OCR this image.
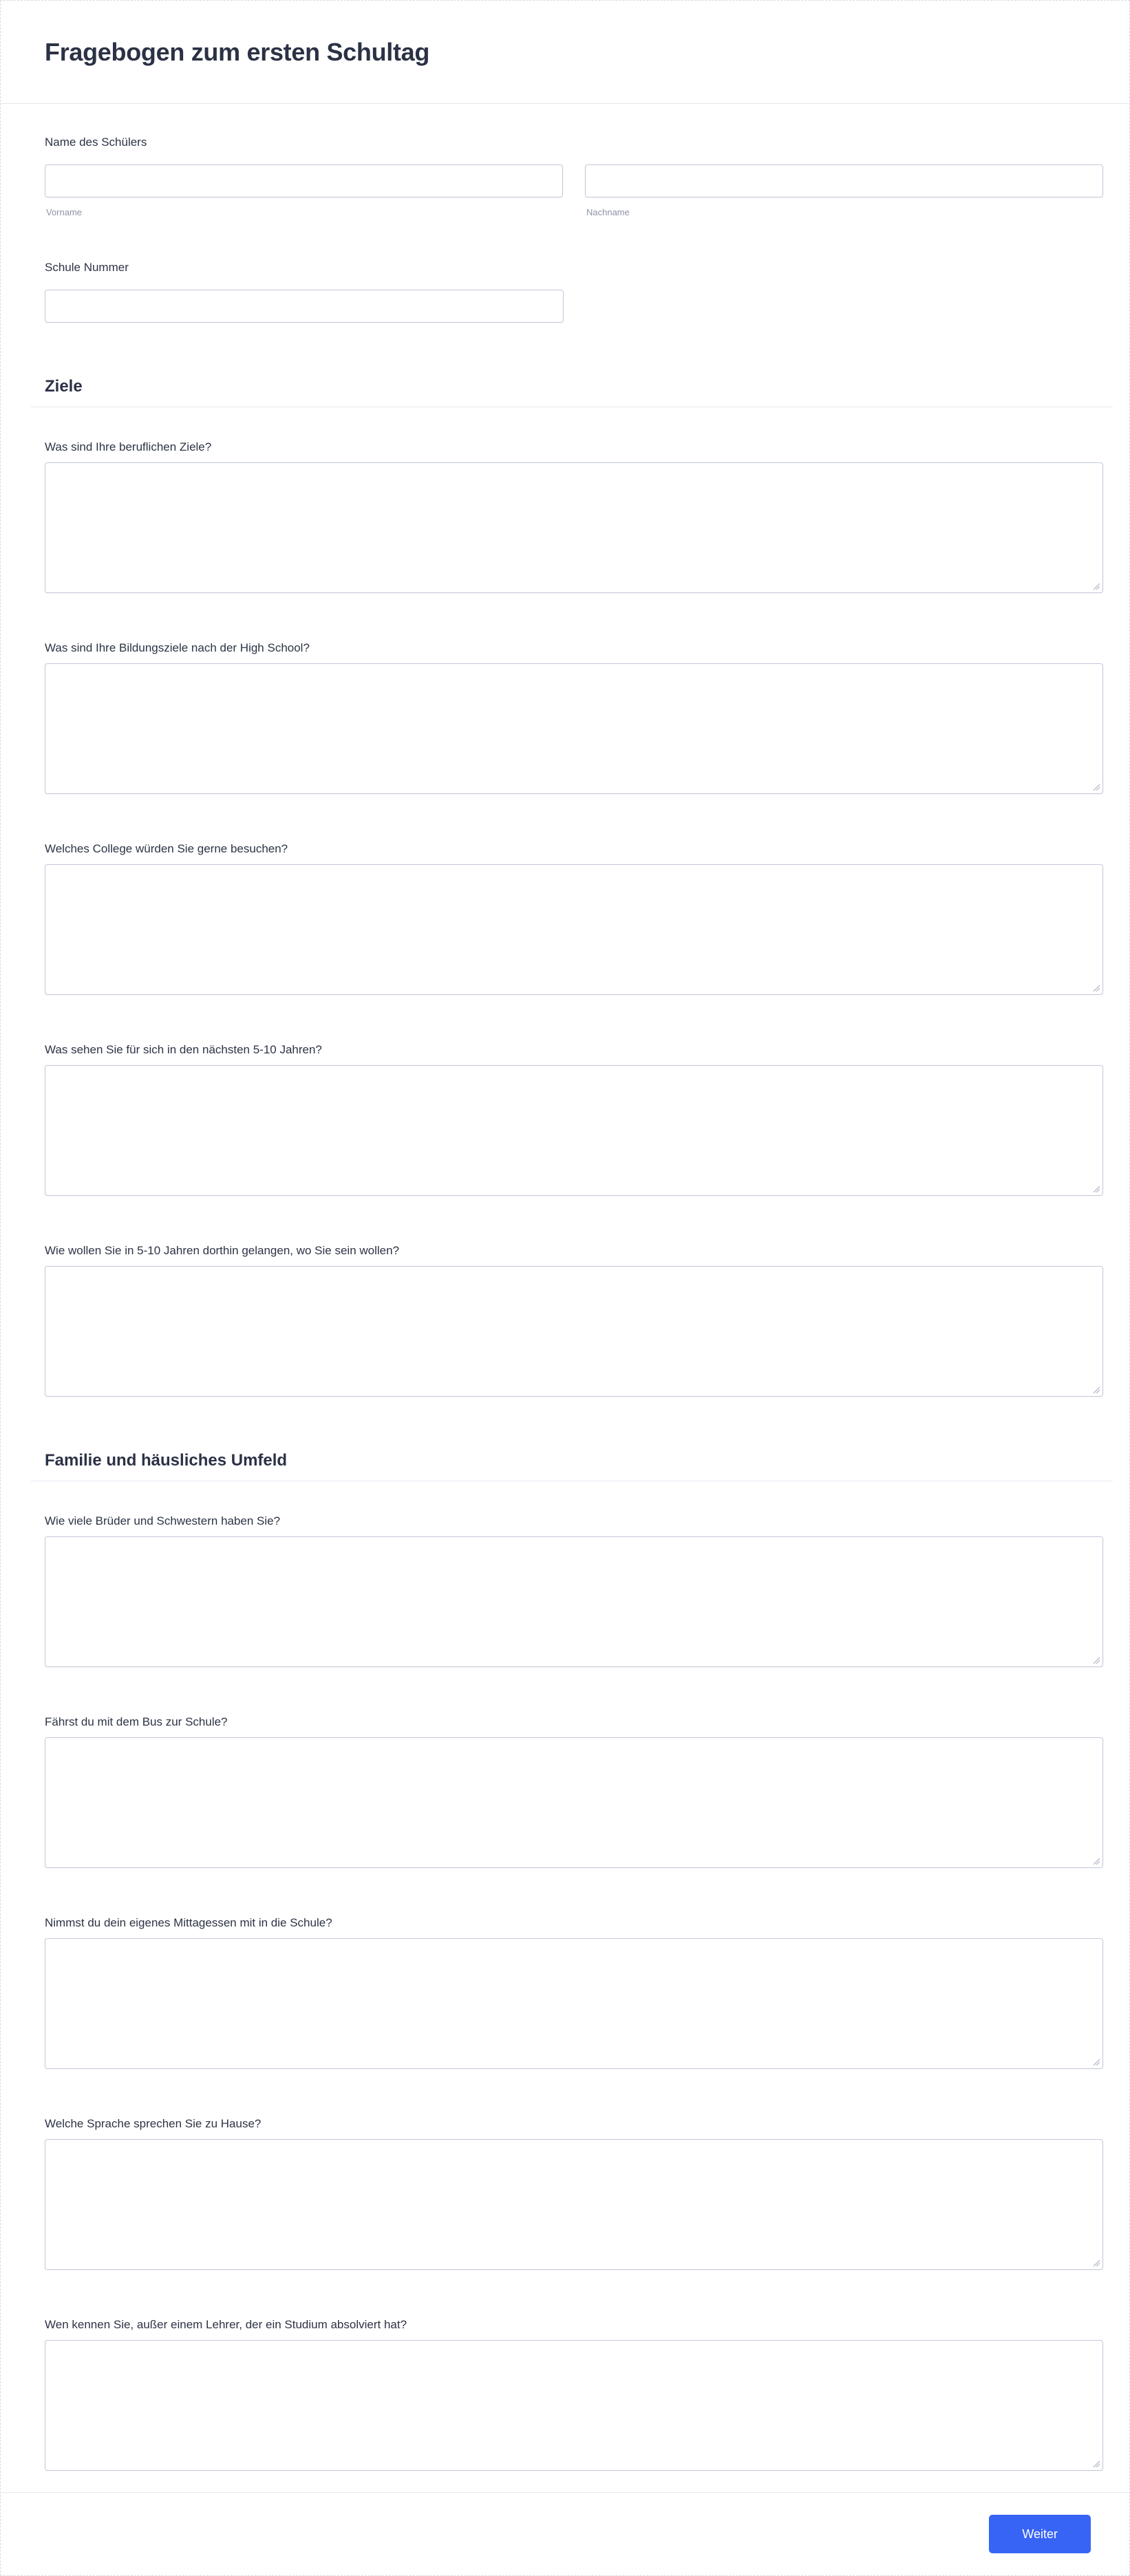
Fragebogen zum ersten Schultag
Name des Schülers
Vorname	Nachname
Schule Nummer
Ziele
Was sind Ihre beruflichen Ziele?
Was sind Ihre Bildungsziele nach der High School?
Welches College würden Sie gerne besuchen?
Was sehen Sie für sich in den nächsten 5-10 Jahren?
Wie wollen Sie in 5-10 Jahren dorthin gelangen, wo Sie sein wollen?
Familie und häusliches Umfeld
Wie viele Brüder und Schwestern haben Sie?
Fährst du mit dem Bus zur Schule?
Nimmst du dein eigenes Mittagessen mit in die Schule?
Welche Sprache sprechen Sie zu Hause?
Wen kennen Sie, außer einem Lehrer, der ein Studium absolviert hat?
Weiter
